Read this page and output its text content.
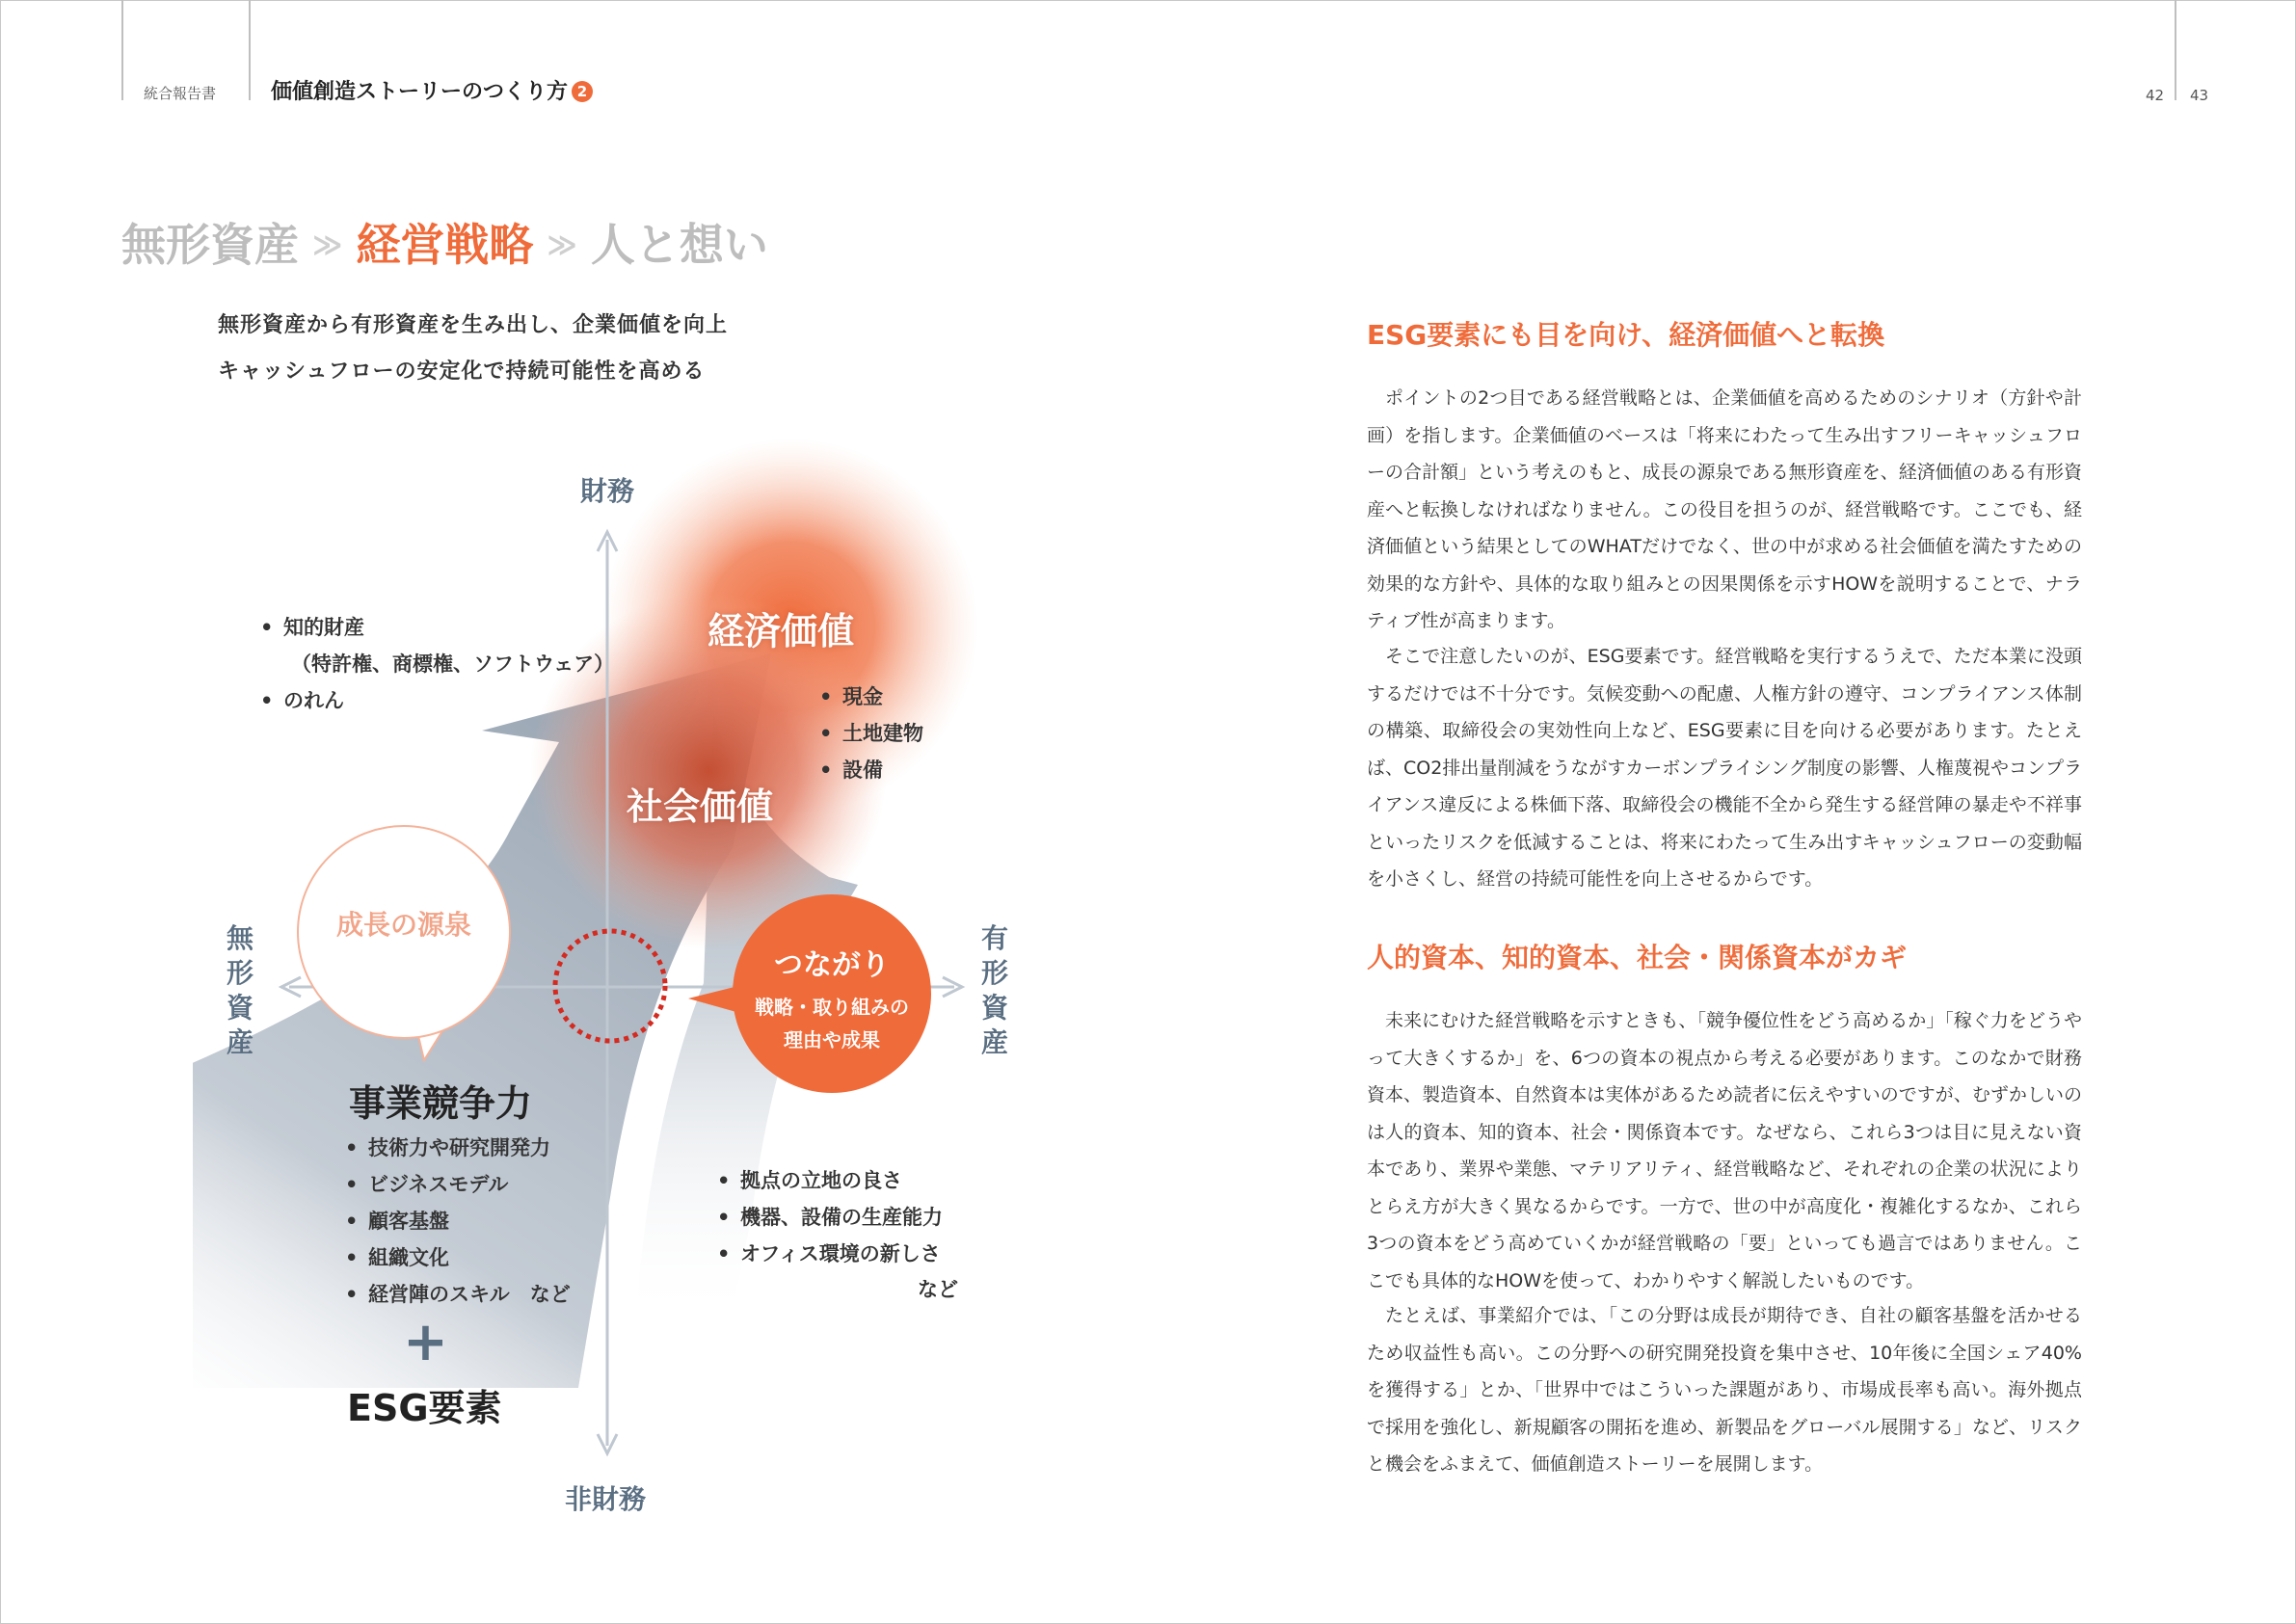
統合報告書	価値創造ストーリーのつくり方 2	42 43
無形資産 ≫ 経営戦略 ≫ 人と想い
無形資産から有形資産を生み出し、企業価値を向上
キャッシュフローの安定化で持続可能性を高める
成長の源泉
つながり
戦略・取り組みの
理由や成果
経済価値
社会価値
財務
非財務
無
形
資
産
有
形
資
産
• 知的財産
（特許権、商標権、ソフトウェア）
• のれん
•	現金
• 土地建物
• 設備
事業競争力
• 技術力や研究開発力
• ビジネスモデル
• 顧客基盤
• 組織文化
• 経営陣のスキル　など
+
ESG要素
• 拠点の立地の良さ
• 機器、設備の生産能力
• オフィス環境の新しさ
など
ESG要素にも目を向け、経済価値へと転換

ポイントの2つ目である経営戦略とは、企業価値を高めるためのシナリオ（方針や計画）を指します。企業価値のベースは「将来にわたって生み出すフリーキャッシュフローの合計額」という考えのもと、成長の源泉である無形資産を、経済価値のある有形資産へと転換しなければなりません。この役目を担うのが、経営戦略です。ここでも、経済価値という結果としてのWHATだけでなく、世の中が求める社会価値を満たすための効果的な方針や、具体的な取り組みとの因果関係を示すHOWを説明することで、ナラティブ性が高まります。

そこで注意したいのが、ESG要素です。経営戦略を実行するうえで、ただ本業に没頭するだけでは不十分です。気候変動への配慮、人権方針の遵守、コンプライアンス体制の構築、取締役会の実効性向上など、ESG要素に目を向ける必要があります。たとえば、CO2排出量削減をうながすカーボンプライシング制度の影響、人権蔑視やコンプライアンス違反による株価下落、取締役会の機能不全から発生する経営陣の暴走や不祥事といったリスクを低減することは、将来にわたって生み出すキャッシュフローの変動幅を小さくし、経営の持続可能性を向上させるからです。

人的資本、知的資本、社会・関係資本がカギ

未来にむけた経営戦略を示すときも、「競争優位性をどう高めるか」「稼ぐ力をどうやって大きくするか」を、6つの資本の視点から考える必要があります。このなかで財務資本、製造資本、自然資本は実体があるため読者に伝えやすいのですが、むずかしいのは人的資本、知的資本、社会・関係資本です。なぜなら、これら3つは目に見えない資本であり、業界や業態、マテリアリティ、経営戦略など、それぞれの企業の状況によりとらえ方が大きく異なるからです。一方で、世の中が高度化・複雑化するなか、これら3つの資本をどう高めていくかが経営戦略の「要」といっても過言ではありません。ここでも具体的なHOWを使って、わかりやすく解説したいものです。

たとえば、事業紹介では、「この分野は成長が期待でき、自社の顧客基盤を活かせるため収益性も高い。この分野への研究開発投資を集中させ、10年後に全国シェア40%を獲得する」とか、「世界中ではこういった課題があり、市場成長率も高い。海外拠点で採用を強化し、新規顧客の開拓を進め、新製品をグローバル展開する」など、リスクと機会をふまえて、価値創造ストーリーを展開します。
